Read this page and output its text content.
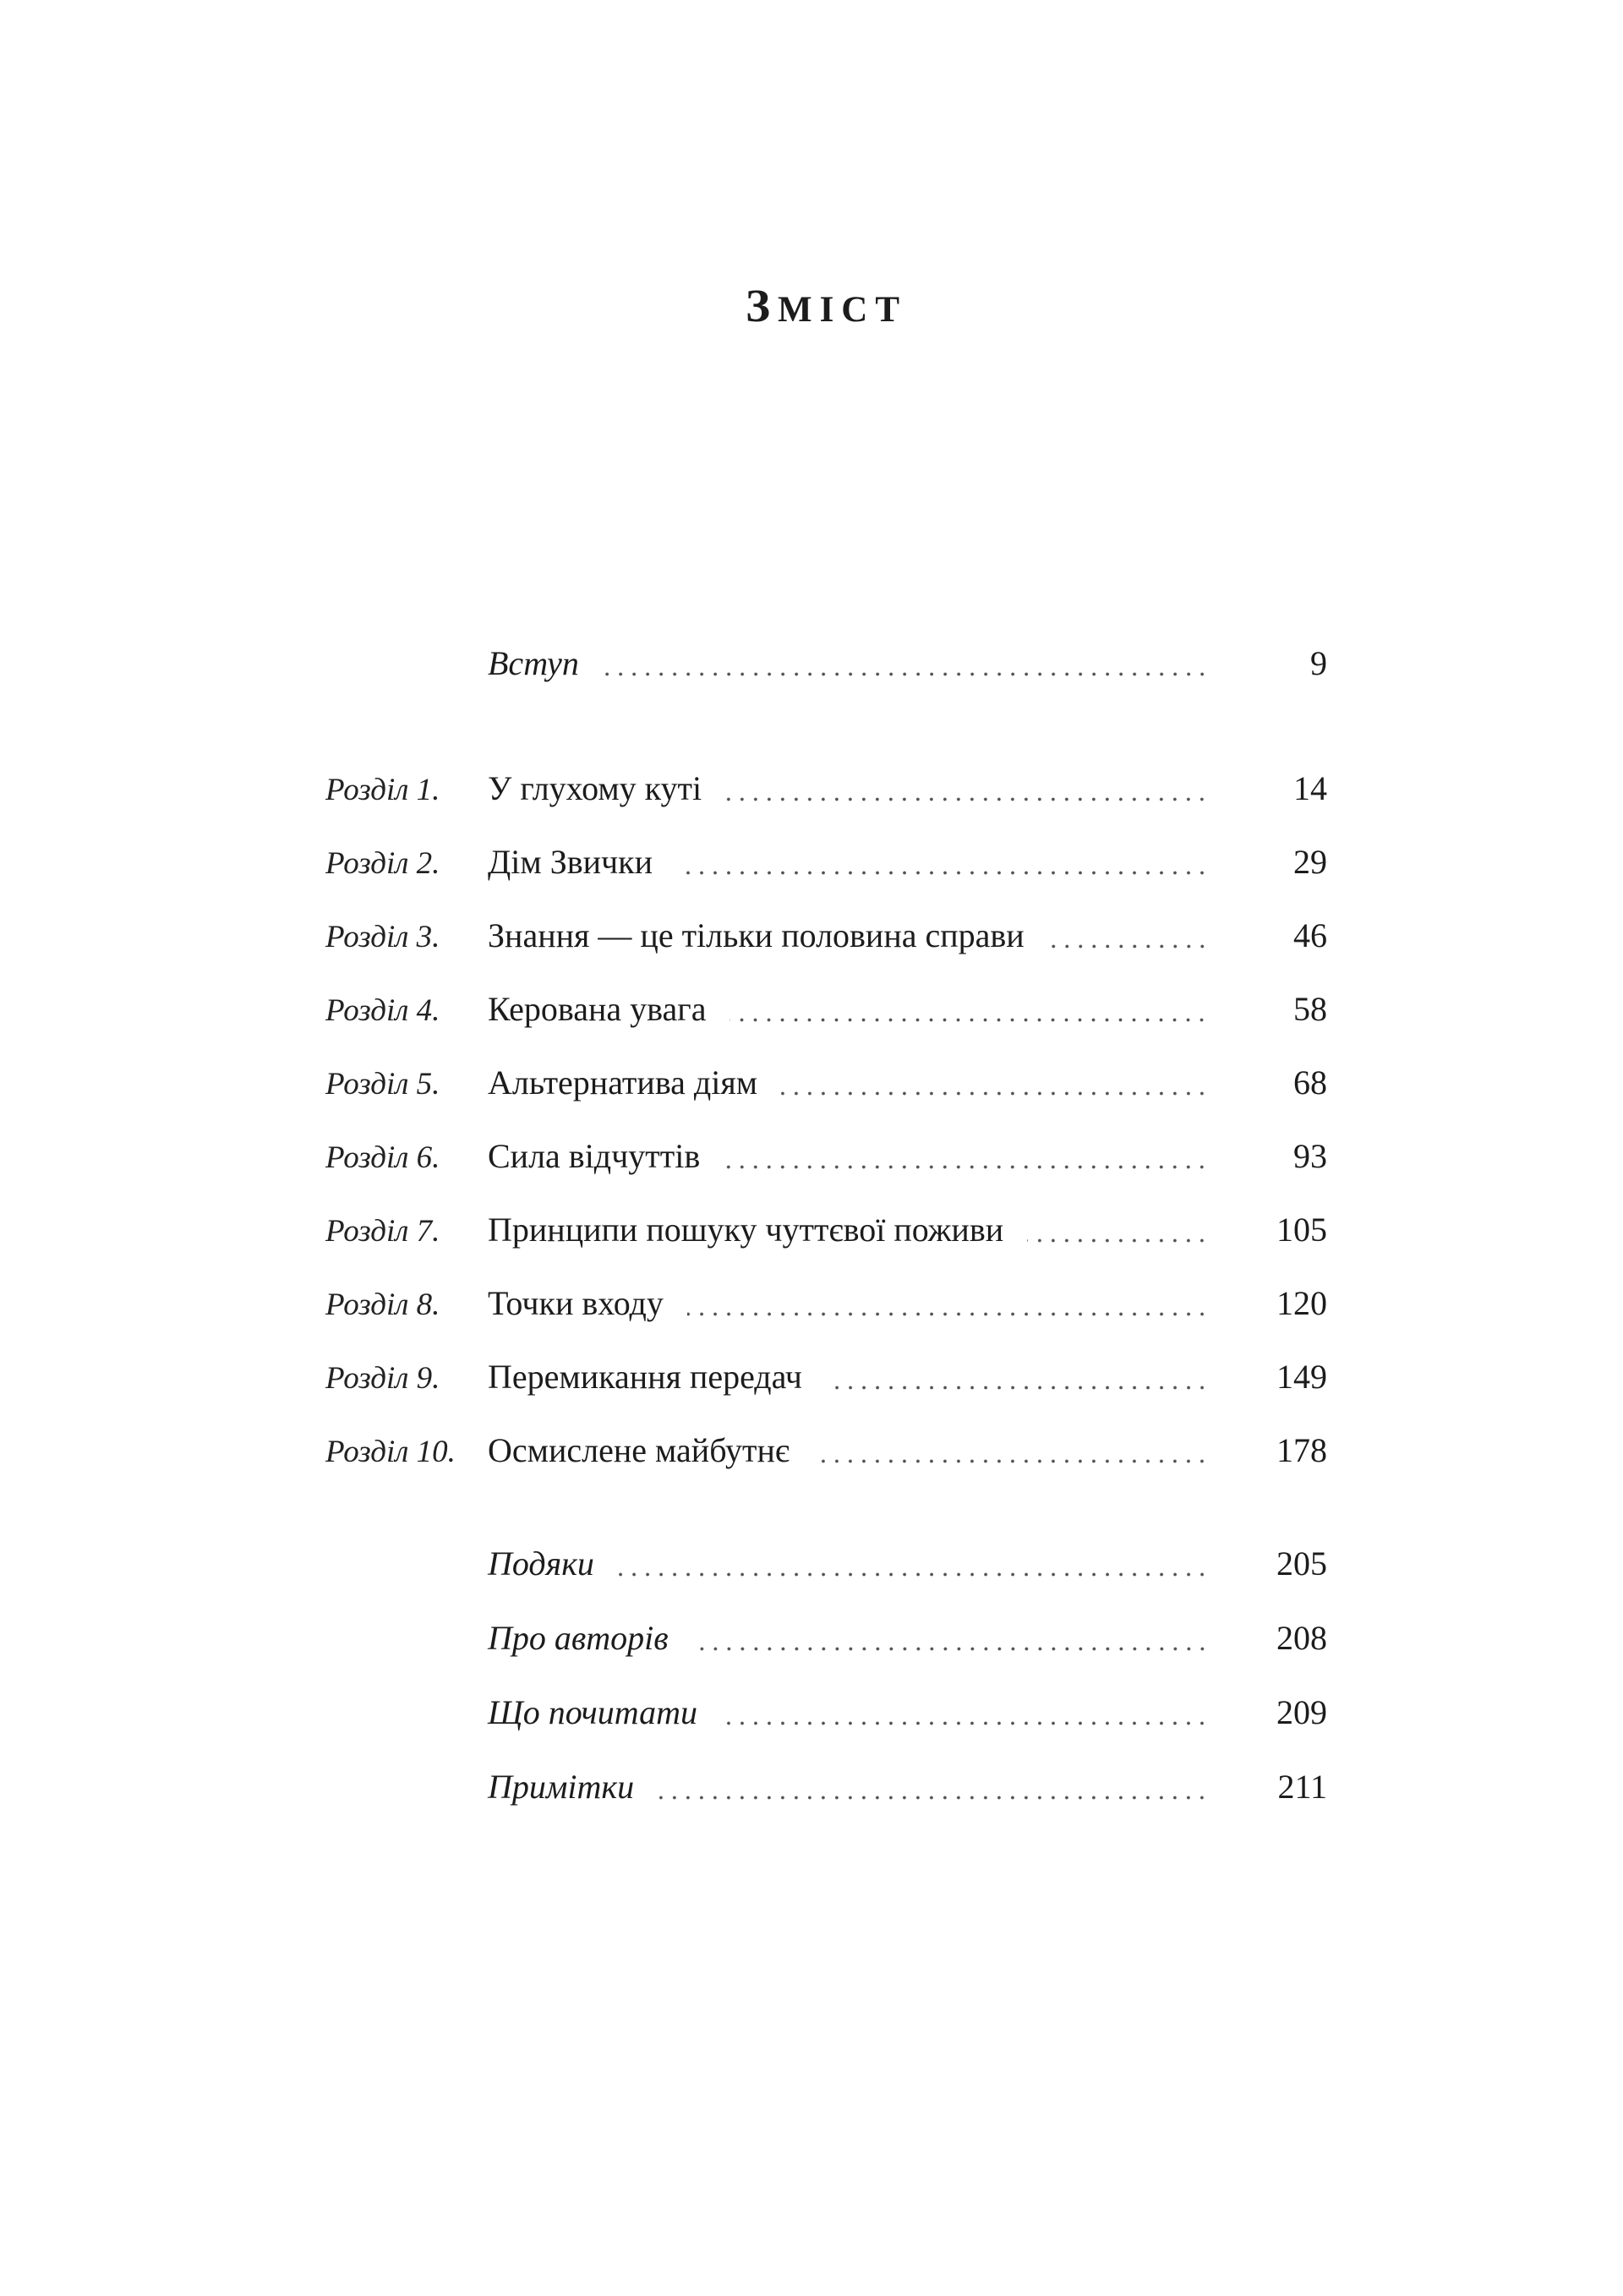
ЗМІСТ
Вступ	9
Розділ 1.	У глухому куті	14
Розділ 2.	Дім Звички	29
Розділ 3.	Знання — це тільки половина справи	46
Розділ 4.	Керована увага	58
Розділ 5.	Альтернатива діям	68
Розділ 6.	Сила відчуттів	93
Розділ 7.	Принципи пошуку чуттєвої поживи	105
Розділ 8.	Точки входу	120
Розділ 9.	Перемикання передач	149
Розділ 10. Осмислене майбутнє	178
Подяки	205
Про авторів	208
Що почитати	209
Примітки	211
